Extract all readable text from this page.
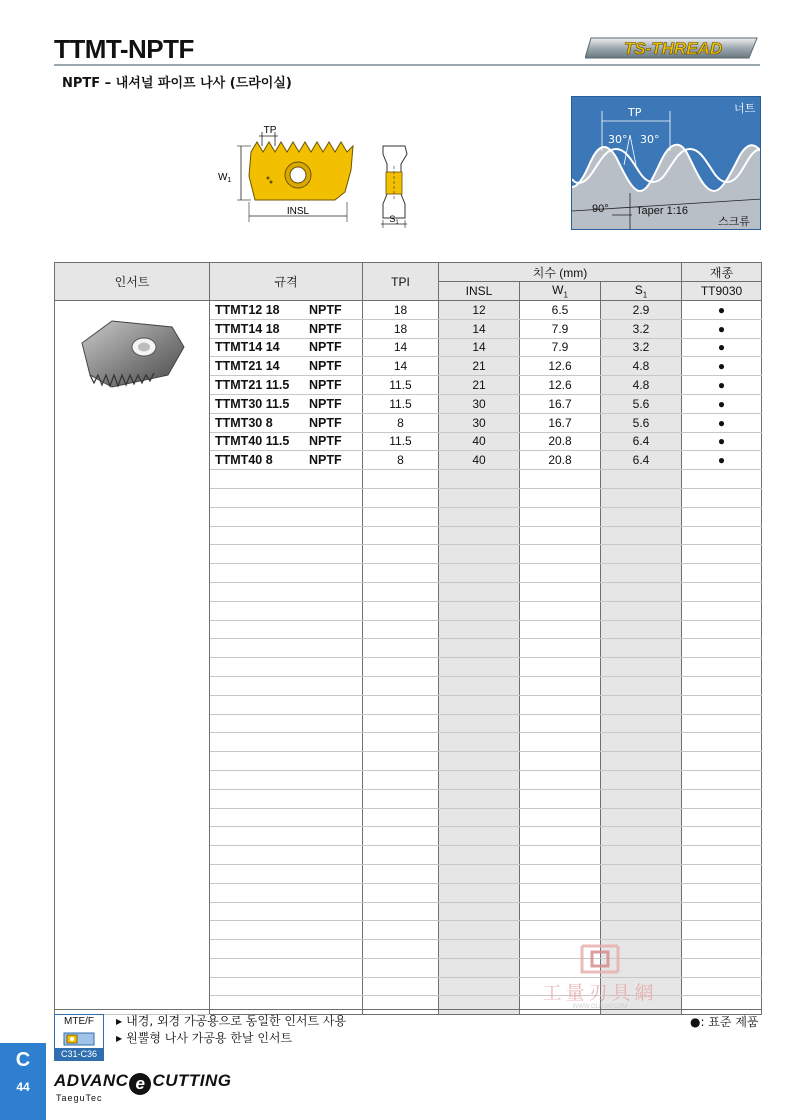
TTMT-NPTF	TS-THREAD
NPTF – 내셔널 파이프 나사 (드라이실)
TP
$W_1$
INSL
$S_1$
너트
TP
30° 30°
90° Taper 1:16
스크류
인서트	규격	TPI	치수 (mm)			재종
			INSL	$W_1$	$S_1$	TT9030

	TTMT12 18 NPTF	18	12	6.5	2.9	●
	TTMT14 18 NPTF	18	14	7.9	3.2	●
	TTMT14 14 NPTF	14	14	7.9	3.2	●
	TTMT21 14 NPTF	14	21	12.6	4.8	●
	TTMT21 11.5 NPTF	11.5	21	12.6	4.8	●
	TTMT30 11.5 NPTF	11.5	30	16.7	5.6	●
	TTMT30 8 NPTF	8	30	16.7	5.6	●
	TTMT40 11.5 NPTF	11.5	40	20.8	6.4	●
	TTMT40 8 NPTF	8	40	20.8	6.4	●

MTE/F
C31-C36
▶ 내경, 외경 가공용으로 동일한 인서트 사용
▶ 원뿔형 나사 가공용 한날 인서트
●: 표준 제품
工量刃具網
WWW.GLRJW.COM
C
44	ADVANC e CUTTING
TaeguTec
